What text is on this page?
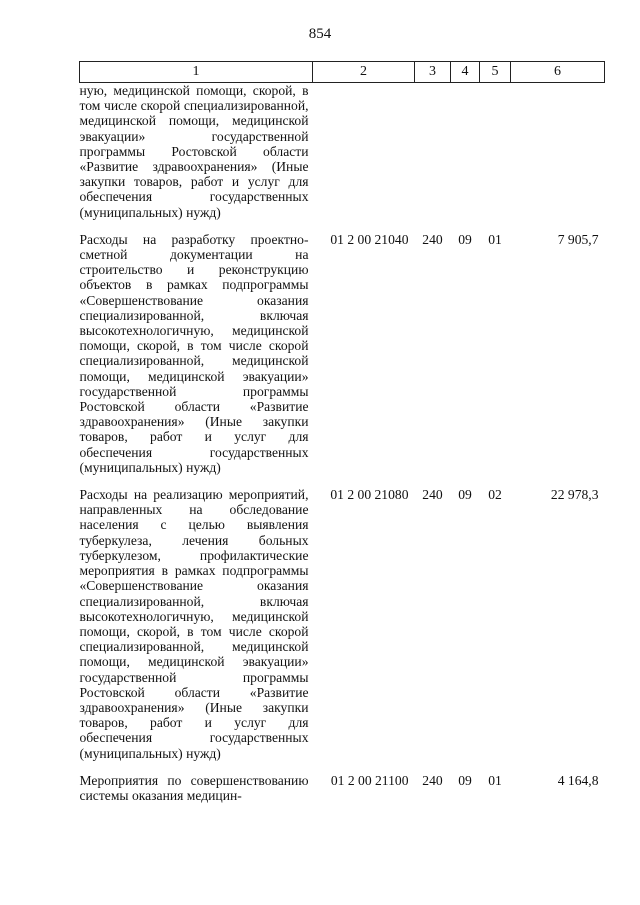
854
1	2	3	4	5	6
ную, медицинской помощи, скорой, в том числе скорой специализированной, медицинской помощи, медицинской эвакуации» государственной программы Ростовской области «Развитие здравоохранения» (Иные закупки товаров, работ и услуг для обеспечения государственных (муниципальных) нужд)					
Расходы на разработку проектно-сметной документации на строительство и реконструкцию объектов в рамках подпрограммы «Совершенствование оказания специализированной, включая высокотехнологичную, медицинской помощи, скорой, в том числе скорой специализированной, медицинской помощи, медицинской эвакуации» государственной программы Ростовской области «Развитие здравоохранения» (Иные закупки товаров, работ и услуг для обеспечения государственных (муниципальных) нужд)	01 2 00 21040	240	09	01	7 905,7
Расходы на реализацию мероприятий, направленных на обследование населения с целью выявления туберкулеза, лечения больных туберкулезом, профилактические мероприятия в рамках подпрограммы «Совершенствование оказания специализированной, включая высокотехнологичную, медицинской помощи, скорой, в том числе скорой специализированной, медицинской помощи, медицинской эвакуации» государственной программы Ростовской области «Развитие здравоохранения» (Иные закупки товаров, работ и услуг для обеспечения государственных (муниципальных) нужд)	01 2 00 21080	240	09	02	22 978,3
Мероприятия по совершенствованию системы оказания медицин-	01 2 00 21100	240	09	01	4 164,8
